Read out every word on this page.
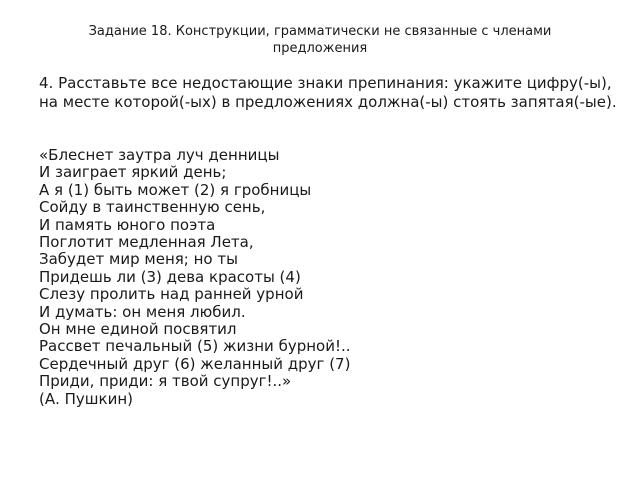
Задание 18. Конструкции, грамматически не связанные с членами предложения
4. Расставьте все недостающие знаки препинания: укажите цифру(-ы), на месте которой(-ых) в предложениях должна(-ы) стоять запятая(-ые).
«Блеснет заутра луч денницы
И заиграет яркий день;
А я (1) быть может (2) я гробницы
Сойду в таинственную сень,
И память юного поэта
Поглотит медленная Лета,
Забудет мир меня; но ты
Придешь ли (3) дева красоты (4)
Слезу пролить над ранней урной
И думать: он меня любил.
Он мне единой посвятил
Рассвет печальный (5) жизни бурной!..
Сердечный друг (6) желанный друг (7)
Приди, приди: я твой супруг!..»
(А. Пушкин)
